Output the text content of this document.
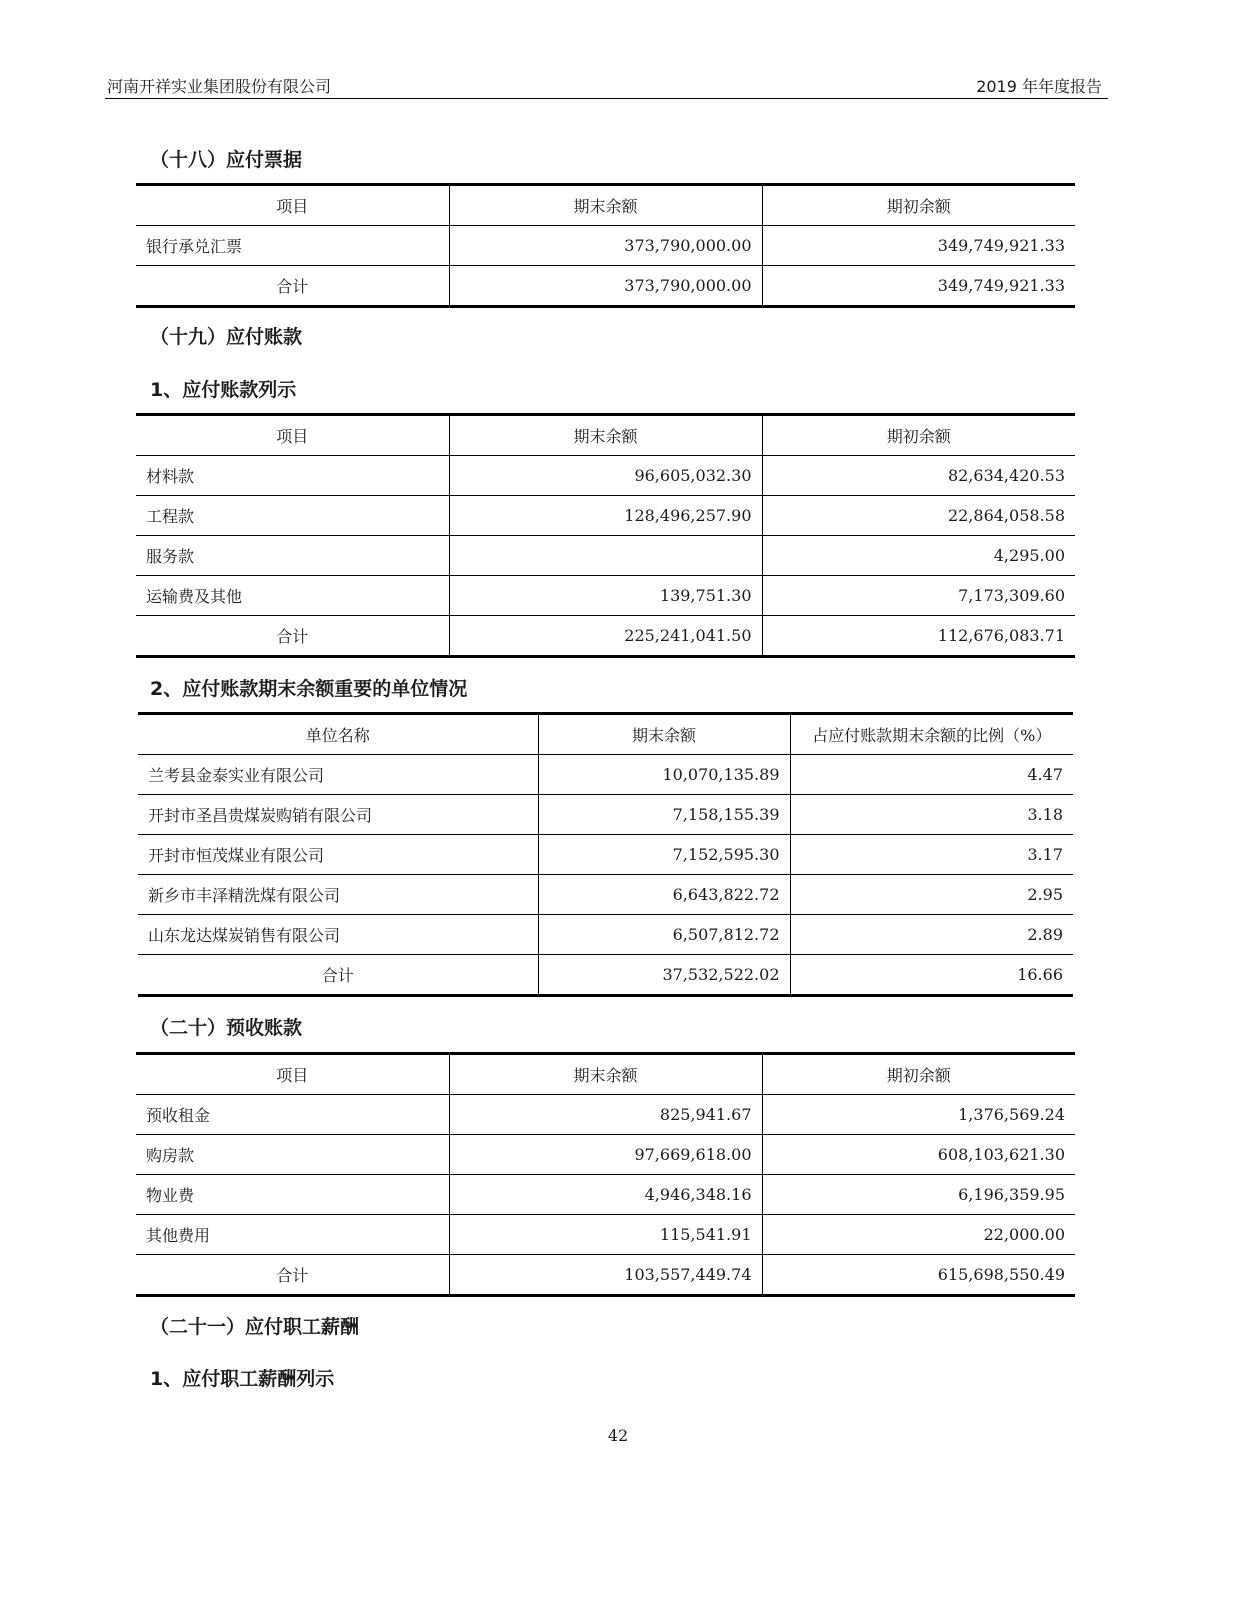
河南开祥实业集团股份有限公司	2019 年年度报告
（十八）应付票据
项目	期末余额	期初余额
银行承兑汇票	373,790,000.00	349,749,921.33
合计	373,790,000.00	349,749,921.33
（十九）应付账款
1、应付账款列示
项目	期末余额	期初余额
材料款	96,605,032.30	82,634,420.53
工程款	128,496,257.90	22,864,058.58
服务款		4,295.00
运输费及其他	139,751.30	7,173,309.60
合计	225,241,041.50	112,676,083.71
2、应付账款期末余额重要的单位情况
单位名称	期末余额	占应付账款期末余额的比例（%）
兰考县金泰实业有限公司	10,070,135.89	4.47
开封市圣昌贵煤炭购销有限公司	7,158,155.39	3.18
开封市恒茂煤业有限公司	7,152,595.30	3.17
新乡市丰泽精洗煤有限公司	6,643,822.72	2.95
山东龙达煤炭销售有限公司	6,507,812.72	2.89
合计	37,532,522.02	16.66
（二十）预收账款
项目	期末余额	期初余额
预收租金	825,941.67	1,376,569.24
购房款	97,669,618.00	608,103,621.30
物业费	4,946,348.16	6,196,359.95
其他费用	115,541.91	22,000.00
合计	103,557,449.74	615,698,550.49
（二十一）应付职工薪酬
1、应付职工薪酬列示
42
